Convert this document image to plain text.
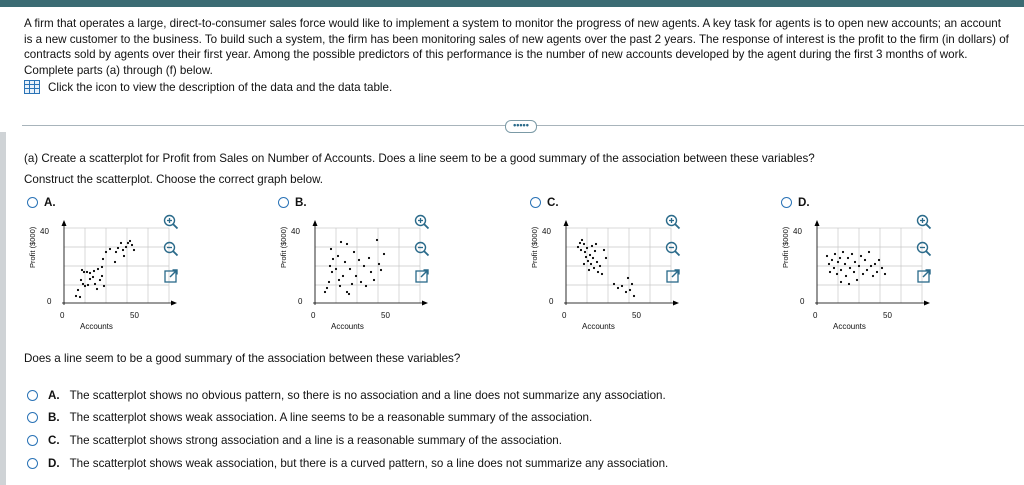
A firm that operates a large, direct-to-consumer sales force would like to implement a system to monitor the progress of new agents. A key task for agents is to open new accounts; an account
is a new customer to the business. To build such a system, the firm has been monitoring sales of new agents over the past 2 years. The response of interest is the profit to the firm (in dollars) of
contracts sold by agents over their first year. Among the possible predictors of this performance is the number of new accounts developed by the agent during the first 3 months of work.
Complete parts (a) through (f) below.
Click the icon to view the description of the data and the data table.
•••••
(a) Create a scatterplot for Profit from Sales on Number of Accounts. Does a line seem to be a good summary of the association between these variables?
Construct the scatterplot. Choose the correct graph below.
A.	B.	C.	D.
Profit ($000) 40
0
0	50
Accounts
Profit ($000) 40
0
0	50
Accounts
Profit ($000) 40
0
0	50
Accounts
Profit ($000) 40
0
0	50
Accounts

Does a line seem to be a good summary of the association between these variables?
A. The scatterplot shows no obvious pattern, so there is no association and a line does not summarize any association.
B. The scatterplot shows weak association. A line seems to be a reasonable summary of the association.
C. The scatterplot shows strong association and a line is a reasonable summary of the association.
D. The scatterplot shows weak association, but there is a curved pattern, so a line does not summarize any association.
